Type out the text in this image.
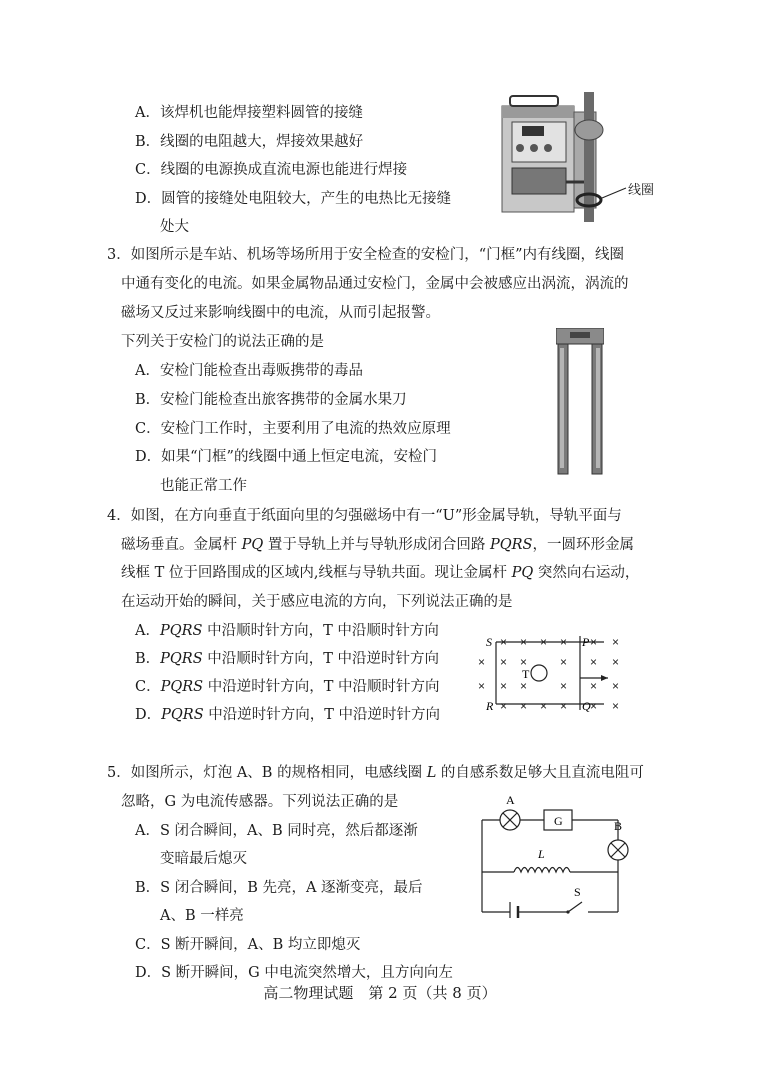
A．该焊机也能焊接塑料圆管的接缝
B．线圈的电阻越大，焊接效果越好
C．线圈的电源换成直流电源也能进行焊接
D．圆管的接缝处电阻较大，产生的电热比无接缝
处大
线圈
3．如图所示是车站、机场等场所用于安全检查的安检门，“门框”内有线圈，线圈
中通有变化的电流。如果金属物品通过安检门，金属中会被感应出涡流，涡流的
磁场又反过来影响线圈中的电流，从而引起报警。
下列关于安检门的说法正确的是
A．安检门能检查出毒贩携带的毒品
B．安检门能检查出旅客携带的金属水果刀
C．安检门工作时，主要利用了电流的热效应原理
D．如果“门框”的线圈中通上恒定电流，安检门
也能正常工作
4．如图，在方向垂直于纸面向里的匀强磁场中有一“U”形金属导轨，导轨平面与
磁场垂直。金属杆 PQ 置于导轨上并与导轨形成闭合回路 PQRS，一圆环形金属
线框 T 位于回路围成的区域内,线框与导轨共面。现让金属杆 PQ 突然向右运动，
在运动开始的瞬间，关于感应电流的方向，下列说法正确的是
A．PQRS 中沿顺时针方向，T 中沿顺时针方向
B．PQRS 中沿顺时针方向，T 中沿逆时针方向
C．PQRS 中沿逆时针方向，T 中沿顺时针方向
D．PQRS 中沿逆时针方向，T 中沿逆时针方向
× × × × × ×
× × ×	× × ×
× × ×	× × ×
× × × × × ×
S	P
R	Q
T
5．如图所示，灯泡 A、B 的规格相同，电感线圈 L 的自感系数足够大且直流电阻可
忽略，G 为电流传感器。下列说法正确的是
A．S 闭合瞬间，A、B 同时亮，然后都逐渐
变暗最后熄灭
B．S 闭合瞬间，B 先亮，A 逐渐变亮，最后
A、B 一样亮
C．S 断开瞬间，A、B 均立即熄灭
D．S 断开瞬间，G 中电流突然增大，且方向向左
A
G	B
L
S
高二物理试题　第 2 页（共 8 页）
